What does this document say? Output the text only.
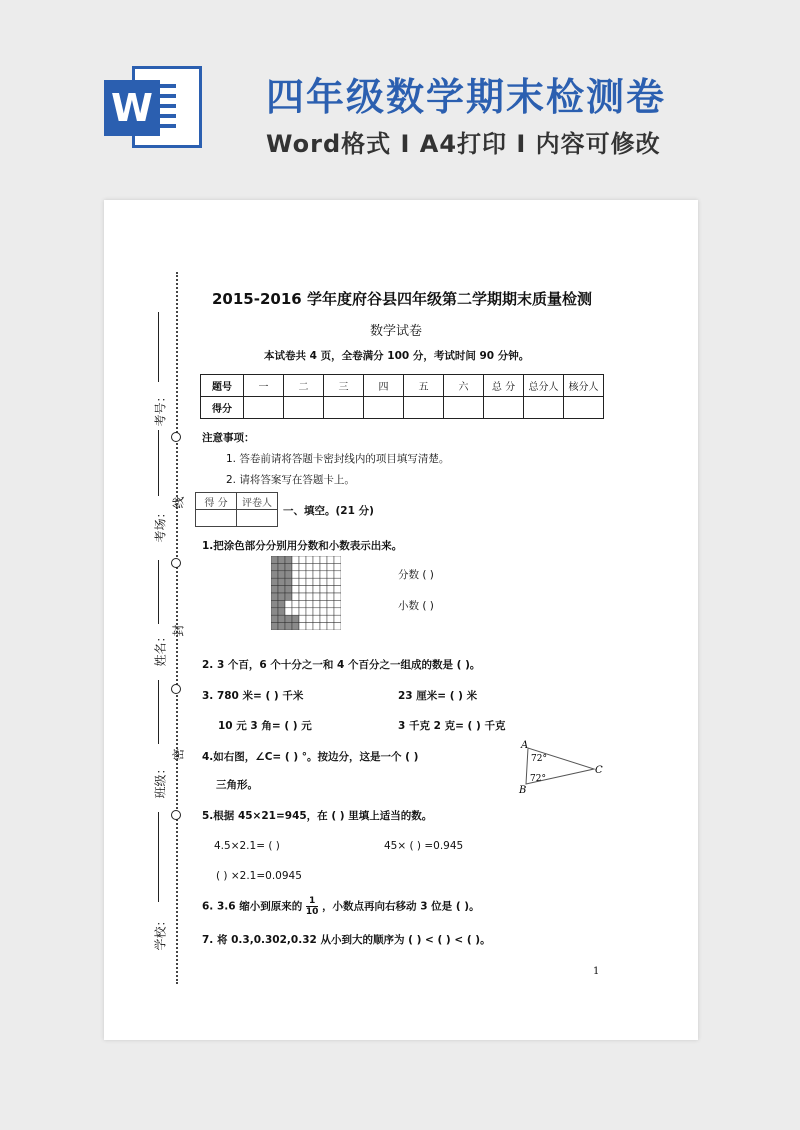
W	四年级数学期末检测卷
Word格式 I A4打印 I 内容可修改
考号：
考场：
线
姓名： 封
班级：
密
学校：
2015-2016 学年度府谷县四年级第二学期期末质量检测
数学试卷
本试卷共 4 页，全卷满分 100 分，考试时间 90 分钟。
题号	一	二	三	四	五	六	总 分	总分人	核分人
得分									
注意事项：
1. 答卷前请将答题卡密封线内的项目填写清楚。
2. 请将答案写在答题卡上。
得 分	评卷人

一、填空。(21 分)
1.把涂色部分分别用分数和小数表示出来。
分数 ( )
小数 ( )
2. 3 个百，6 个十分之一和 4 个百分之一组成的数是 ( )。
3. 780 米= ( ) 千米	23 厘米= ( ) 米
10 元 3 角= ( ) 元	3 千克 2 克= ( ) 千克
4.如右图，∠C= ( ) °。按边分，这是一个 ( )
三角形。
A
B
C
72°
72°
5.根据 45×21=945，在 ( ) 里填上适当的数。
4.5×2.1= ( )	45× ( ) =0.945
( ) ×2.1=0.0945
6. 3.6 缩小到原来的 $\frac{1}{10}$ ，小数点再向右移动 3 位是 ( )。
7. 将 0.3,0.302,0.32 从小到大的顺序为 ( ) < ( ) < ( )。
1
